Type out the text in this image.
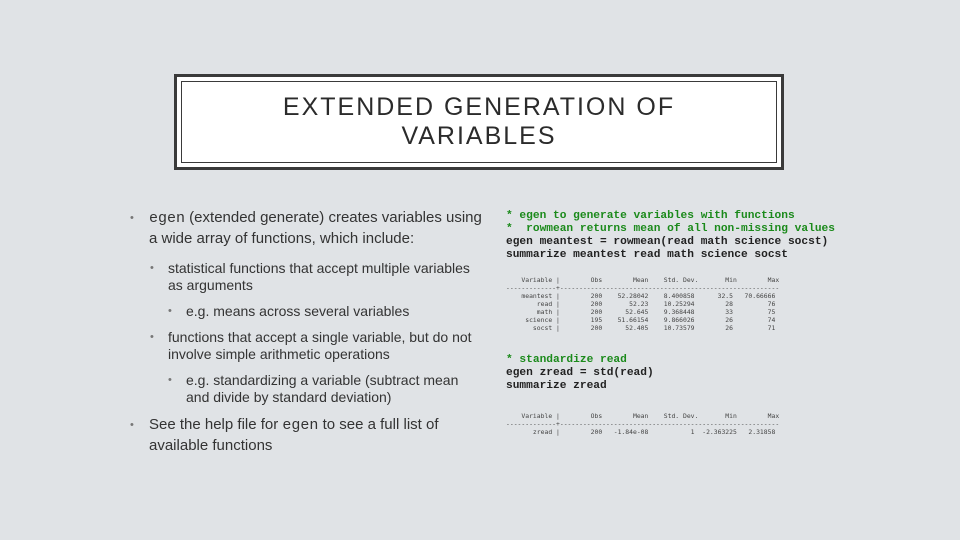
EXTENDED GENERATION OF VARIABLES
• egen (extended generate) creates variables using a wide array of functions, which include:
• statistical functions that accept multiple variables as arguments
• e.g. means across several variables
• functions that accept a single variable, but do not involve simple arithmetic operations
• e.g. standardizing a variable (subtract mean and divide by standard deviation)
• See the help file for egen to see a full list of available functions
* egen to generate variables with functions
*  rowmean returns mean of all non-missing values
egen meantest = rowmean(read math science socst)
summarize meantest read math science socst
Variable |        Obs        Mean    Std. Dev.       Min        Max
-------------+---------------------------------------------------------
meantest |        200    52.28042    8.400858      32.5   70.66666
read |        200       52.23    10.25294        28         76
math |        200      52.645    9.368448        33         75
science |        195    51.66154    9.866026        26         74
socst |        200      52.405    10.73579        26         71
* standardize read
egen zread = std(read)
summarize zread
Variable |        Obs        Mean    Std. Dev.       Min        Max
-------------+---------------------------------------------------------
zread |        200   -1.84e-08           1  -2.363225   2.31858
